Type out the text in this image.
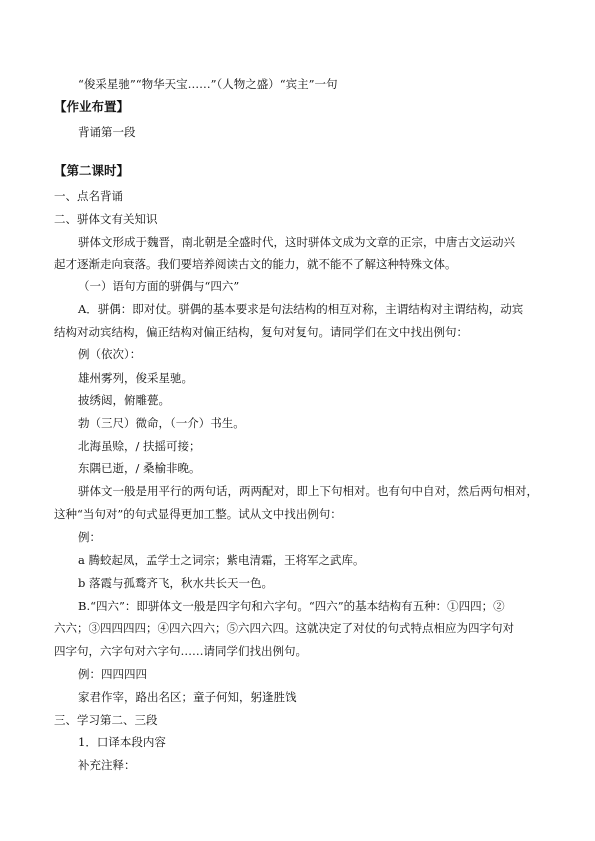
“俊采星驰”“物华天宝……”（人物之盛）“宾主”一句
【作业布置】
背诵第一段
【第二课时】
一、点名背诵
二、骈体文有关知识
骈体文形成于魏晋，南北朝是全盛时代，这时骈体文成为文章的正宗，中唐古文运动兴
起才逐渐走向衰落。我们要培养阅读古文的能力，就不能不了解这种特殊文体。
（一）语句方面的骈偶与“四六”
A．骈偶：即对仗。骈偶的基本要求是句法结构的相互对称，主谓结构对主谓结构，动宾
结构对动宾结构，偏正结构对偏正结构，复句对复句。请同学们在文中找出例句：
例（依次）：
雄州雾列，俊采星驰。
披绣闼，俯雕甍。
勃（三尺）微命，（一介）书生。
北海虽赊，/ 扶摇可接；
东隅已逝，/ 桑榆非晚。
骈体文一般是用平行的两句话，两两配对，即上下句相对。也有句中自对，然后两句相对，
这种“当句对”的句式显得更加工整。试从文中找出例句：
例：
a 腾蛟起凤，孟学士之词宗；紫电清霜，王将军之武库。
b 落霞与孤鹜齐飞，秋水共长天一色。
B.“四六”：即骈体文一般是四字句和六字句。“四六”的基本结构有五种：①四四；②
六六；③四四四四；④四六四六；⑤六四六四。这就决定了对仗的句式特点相应为四字句对
四字句，六字句对六字句……请同学们找出例句。
例：四四四四
家君作宰，路出名区；童子何知，躬逢胜饯
三、学习第二、三段
1．口译本段内容
补充注释：
